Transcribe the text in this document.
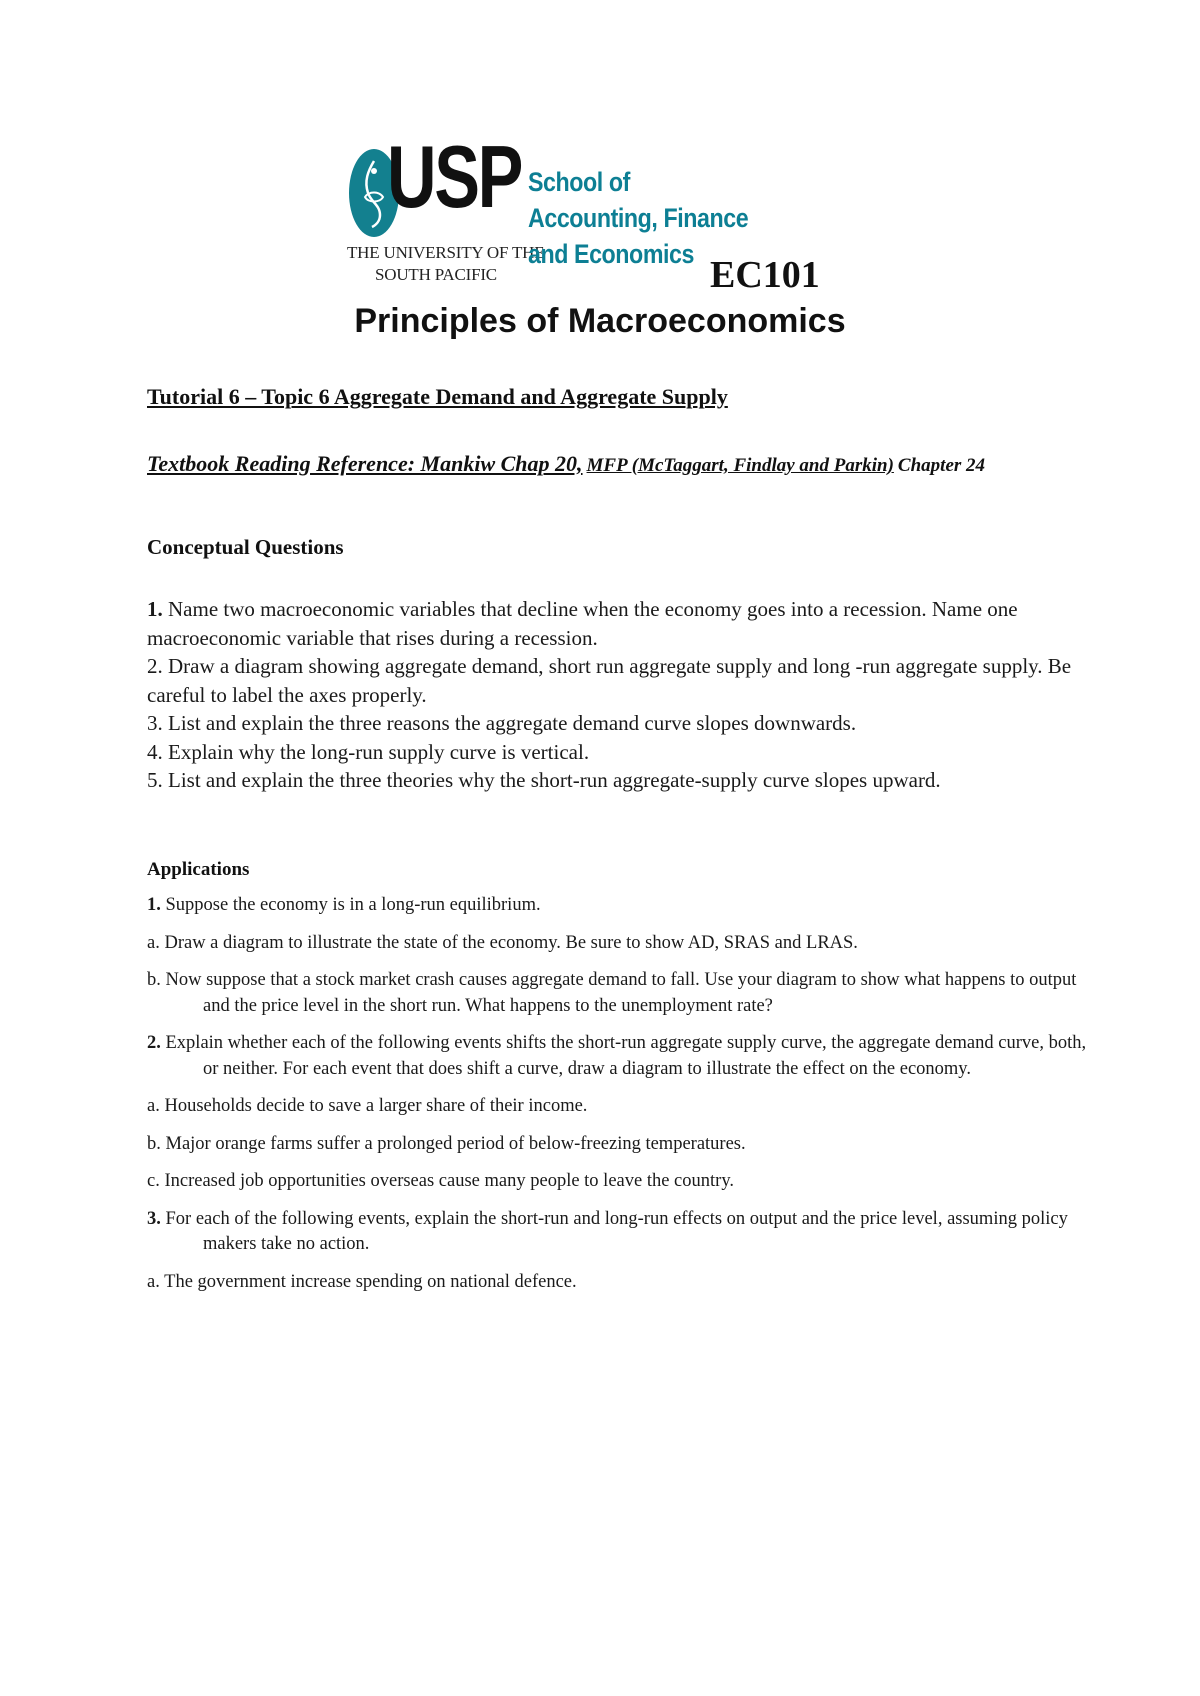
USP
THE UNIVERSITY OF THE
SOUTH PACIFIC
School of
Accounting, Finance
and Economics EC101
Principles of Macroeconomics
Tutorial 6 – Topic 6 Aggregate Demand and Aggregate Supply
Textbook Reading Reference: Mankiw Chap 20, MFP (McTaggart, Findlay and Parkin) Chapter 24
Conceptual Questions

1. Name two macroeconomic variables that decline when the economy goes into a recession. Name one macroeconomic variable that rises during a recession.

2. Draw a diagram showing aggregate demand, short run aggregate supply and long -run aggregate supply. Be careful to label the axes properly.

3. List and explain the three reasons the aggregate demand curve slopes downwards.

4. Explain why the long-run supply curve is vertical.

5. List and explain the three theories why the short-run aggregate-supply curve slopes upward.

Applications

1. Suppose the economy is in a long-run equilibrium.

a. Draw a diagram to illustrate the state of the economy. Be sure to show AD, SRAS and LRAS.

b. Now suppose that a stock market crash causes aggregate demand to fall. Use your diagram to show what happens to output and the price level in the short run. What happens to the unemployment rate?

2. Explain whether each of the following events shifts the short-run aggregate supply curve, the aggregate demand curve, both, or neither. For each event that does shift a curve, draw a diagram to illustrate the effect on the economy.

a. Households decide to save a larger share of their income.

b. Major orange farms suffer a prolonged period of below-freezing temperatures.

c. Increased job opportunities overseas cause many people to leave the country.

3. For each of the following events, explain the short-run and long-run effects on output and the price level, assuming policy makers take no action.

a. The government increase spending on national defence.
